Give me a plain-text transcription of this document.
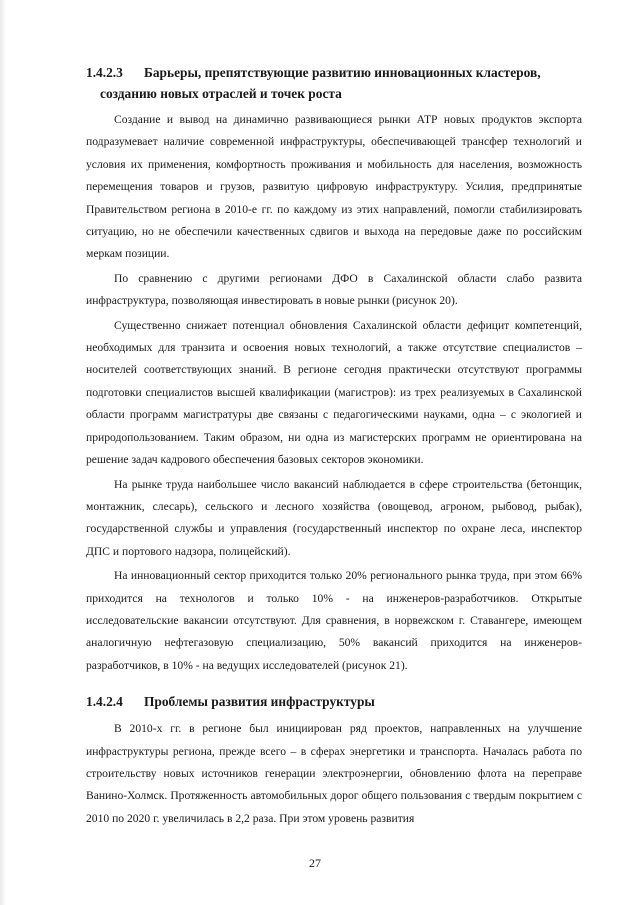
1.4.2.3 Барьеры, препятствующие развитию инновационных кластеров,
созданию новых отраслей и точек роста

Создание и вывод на динамично развивающиеся рынки АТР новых продуктов экспорта подразумевает наличие современной инфраструктуры, обеспечивающей трансфер технологий и условия их применения, комфортность проживания и мобильность для населения, возможность перемещения товаров и грузов, развитую цифровую инфраструктуру. Усилия, предпринятые Правительством региона в 2010-е гг. по каждому из этих направлений, помогли стабилизировать ситуацию, но не обеспечили качественных сдвигов и выхода на передовые даже по российским меркам позиции.

По сравнению с другими регионами ДФО в Сахалинской области слабо развита инфраструктура, позволяющая инвестировать в новые рынки (рисунок 20).

Существенно снижает потенциал обновления Сахалинской области дефицит компетенций, необходимых для транзита и освоения новых технологий, а также отсутствие специалистов – носителей соответствующих знаний. В регионе сегодня практически отсутствуют программы подготовки специалистов высшей квалификации (магистров): из трех реализуемых в Сахалинской области программ магистратуры две связаны с педагогическими науками, одна – с экологией и природопользованием. Таким образом, ни одна из магистерских программ не ориентирована на решение задач кадрового обеспечения базовых секторов экономики.

На рынке труда наибольшее число вакансий наблюдается в сфере строительства (бетонщик, монтажник, слесарь), сельского и лесного хозяйства (овощевод, агроном, рыбовод, рыбак), государственной службы и управления (государственный инспектор по охране леса, инспектор ДПС и портового надзора, полицейский).

На инновационный сектор приходится только 20% регионального рынка труда, при этом 66% приходится на технологов и только 10% - на инженеров-разработчиков. Открытые исследовательские вакансии отсутствуют. Для сравнения, в норвежском г. Ставангере, имеющем аналогичную нефтегазовую специализацию, 50% вакансий приходится на инженеров-разработчиков, в 10% - на ведущих исследователей (рисунок 21).

1.4.2.4 Проблемы развития инфраструктуры

В 2010-х гг. в регионе был инициирован ряд проектов, направленных на улучшение инфраструктуры региона, прежде всего – в сферах энергетики и транспорта. Началась работа по строительству новых источников генерации электроэнергии, обновлению флота на переправе Ванино-Холмск. Протяженность автомобильных дорог общего пользования с твердым покрытием с 2010 по 2020 г. увеличилась в 2,2 раза. При этом уровень развития

27
